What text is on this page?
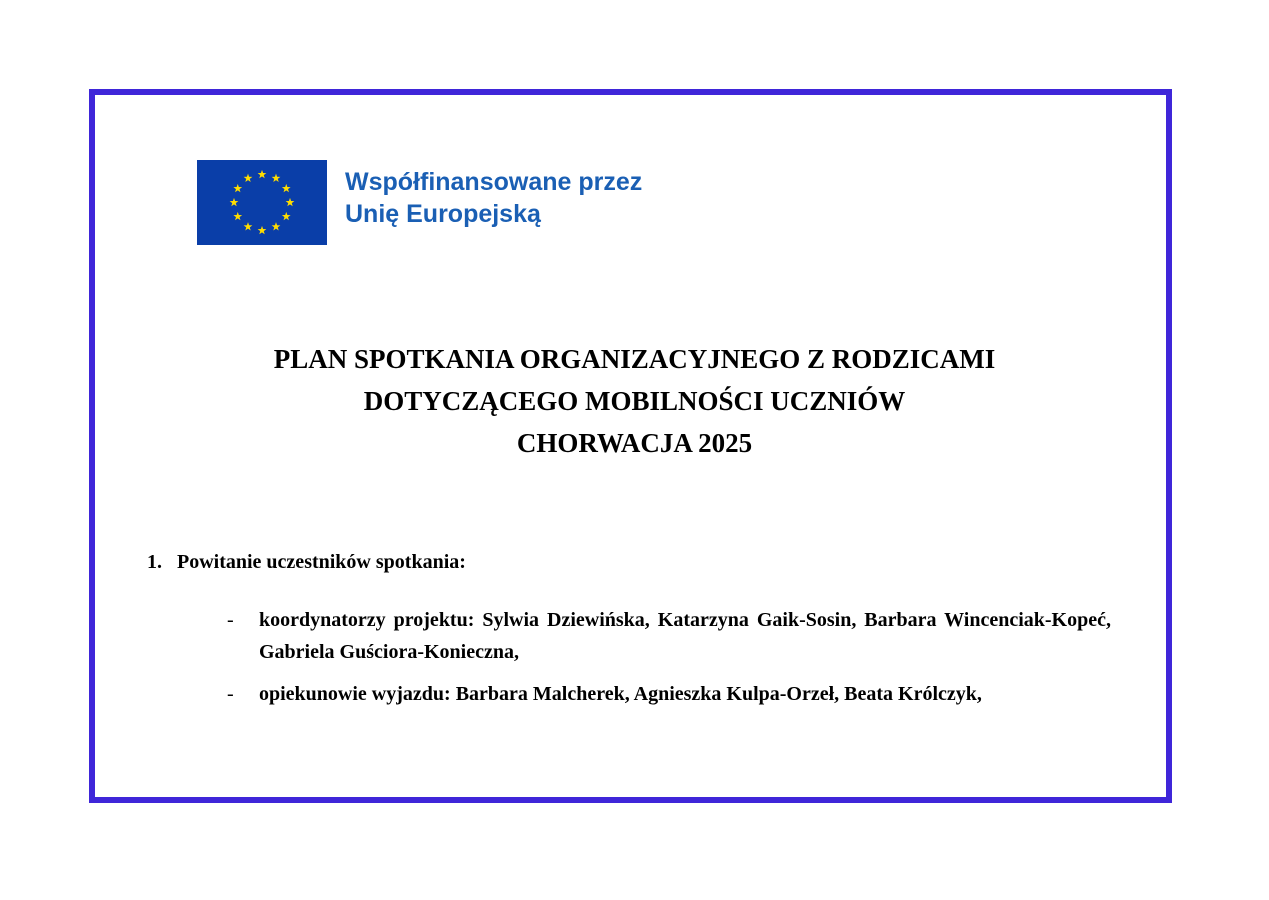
Współfinansowane przez
Unię Europejską
PLAN SPOTKANIA ORGANIZACYJNEGO Z RODZICAMI
DOTYCZĄCEGO MOBILNOŚCI UCZNIÓW
CHORWACJA 2025
1. Powitanie uczestników spotkania:
- koordynatorzy projektu: Sylwia Dziewińska, Katarzyna Gaik-Sosin, Barbara Wincenciak-Kopeć, Gabriela Guściora-Konieczna,
- opiekunowie wyjazdu: Barbara Malcherek, Agnieszka Kulpa-Orzeł, Beata Królczyk,
